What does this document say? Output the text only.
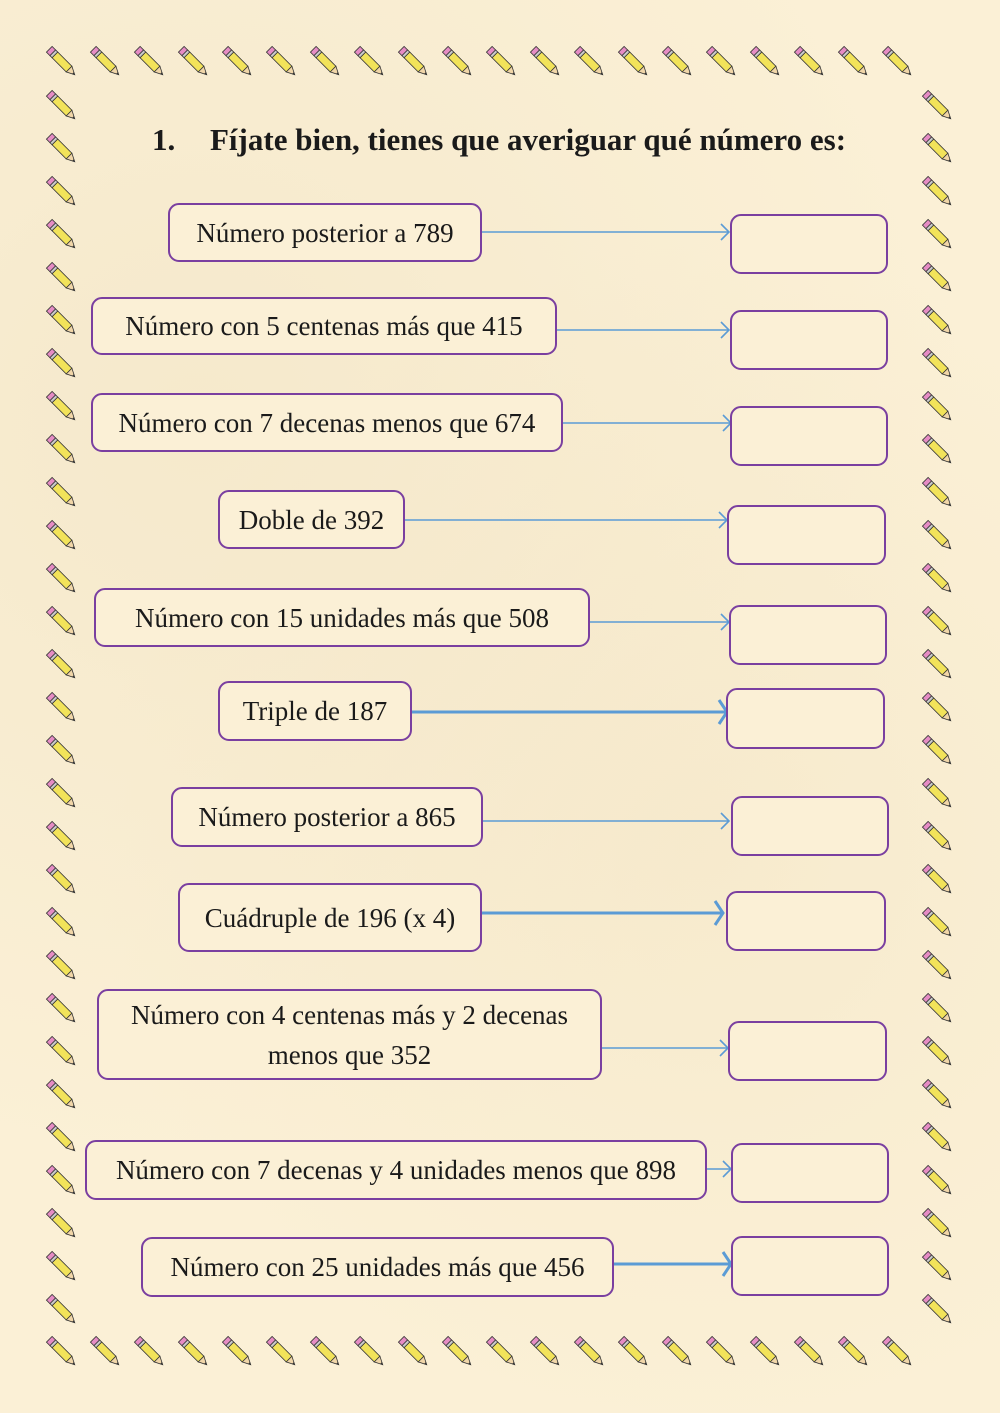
1. Fíjate bien, tienes que averiguar qué número es:
Número posterior a 789
Número con 5 centenas más que 415
Número con 7 decenas menos que 674
Doble de 392
Número con 15 unidades más que 508
Triple de 187
Número posterior a 865
Cuádruple de 196 (x 4)
Número con 4 centenas más y 2 decenas menos que 352
Número con 7 decenas y 4 unidades menos que 898
Número con 25 unidades más que 456
